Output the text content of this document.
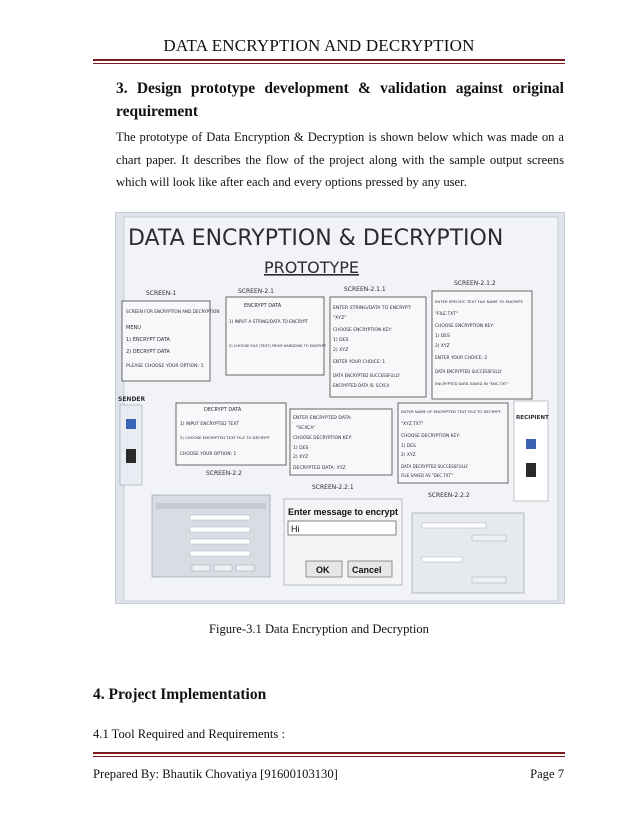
DATA ENCRYPTION AND DECRYPTION
3. Design prototype development & validation against original requirement
The prototype of Data Encryption & Decryption is shown below which was made on a chart paper. It describes the flow of the project along with the sample output screens which will look like after each and every options pressed by any user.
DATA ENCRYPTION & DECRYPTION
PROTOTYPE
SCREEN-1
SCREEN FOR ENCRYPTION AND DECRYPTION
MENU
1) ENCRYPT DATA
2) DECRYPT DATA
PLEASE CHOOSE YOUR OPTION: 1
SCREEN-2.1
ENCRYPT DATA
1) INPUT A STRING/DATA TO ENCRYPT
2) CHOOSE FILE (TEXT) FROM HARDDISK TO ENCRYPT
SCREEN-2.1.1
ENTER STRING/DATA TO ENCRYPT:
"XYZ"
CHOOSE ENCRYPTION KEY:
1) DES
2) XYZ
ENTER YOUR CHOICE: 1
DATA ENCRYPTED SUCCESSFULLY
ENCRYPTED DATA IS: SCXCA
SCREEN-2.1.2
ENTER SPECIFIC TEXT FILE NAME TO ENCRYPT:
"FILE.TXT"
CHOOSE ENCRYPTION KEY:
1) DES
2) XYZ
ENTER YOUR CHOICE: 2
DATA ENCRYPTED SUCCESSFULLY
ENCRYPTED DATA SAVED IN "ENC.TXT"
SENDER
DECRYPT DATA
1) INPUT ENCRYPTED TEXT
2) CHOOSE ENCRYPTED TEXT FILE TO DECRYPT
CHOOSE YOUR OPTION: 1
SCREEN-2.2
ENTER ENCRYPTED DATA:
"SCXCA"
CHOOSE DECRYPTION KEY:
1) DES
2) XYZ
DECRYPTED DATA: XYZ
SCREEN-2.2.1
ENTER NAME OF ENCRYPTED TEXT FILE TO DECRYPT:
"XYZ.TXT"
CHOOSE DECRYPTION KEY:
1) DES
2) XYZ
DATA DECRYPTED SUCCESSFULLY
FILE SAVED AS "DEC.TXT"
SCREEN-2.2.2
RECIPIENT
Enter message to encrypt
Hi
OK	Cancel
Figure-3.1 Data Encryption and Decryption
4. Project Implementation
4.1 Tool Required and Requirements :
Prepared By: Bhautik Chovatiya [91600103130]	Page 7
